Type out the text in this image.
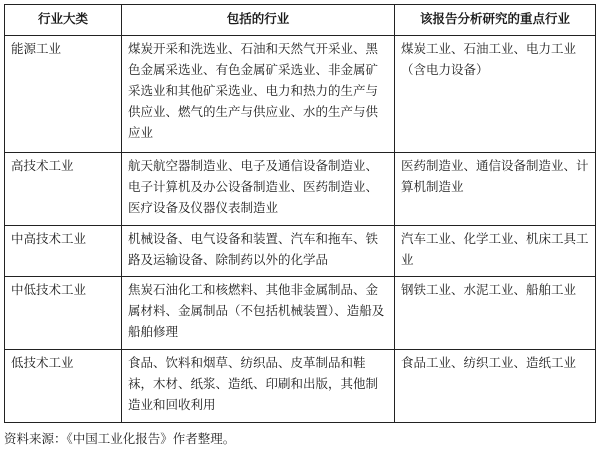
行业大类	包括的行业	该报告分析研究的重点行业
能源工业	煤炭开采和洗选业、石油和天然气开采业、黑色金属采选业、有色金属矿采选业、非金属矿采选业和其他矿采选业、电力和热力的生产与供应业、燃气的生产与供应业、水的生产与供应业	煤炭工业、石油工业、电力工业（含电力设备）
高技术工业	航天航空器制造业、电子及通信设备制造业、电子计算机及办公设备制造业、医药制造业、医疗设备及仪器仪表制造业	医药制造业、通信设备制造业、计算机制造业
中高技术工业	机械设备、电气设备和装置、汽车和拖车、铁路及运输设备、除制药以外的化学品	汽车工业、化学工业、机床工具工业
中低技术工业	焦炭石油化工和核燃料、其他非金属制品、金属材料、金属制品（不包括机械装置）、造船及船舶修理	钢铁工业、水泥工业、船舶工业
低技术工业	食品、饮料和烟草、纺织品、皮革制品和鞋袜，木材、纸浆、造纸、印刷和出版，其他制造业和回收利用	食品工业、纺织工业、造纸工业
资料来源：《中国工业化报告》作者整理。
